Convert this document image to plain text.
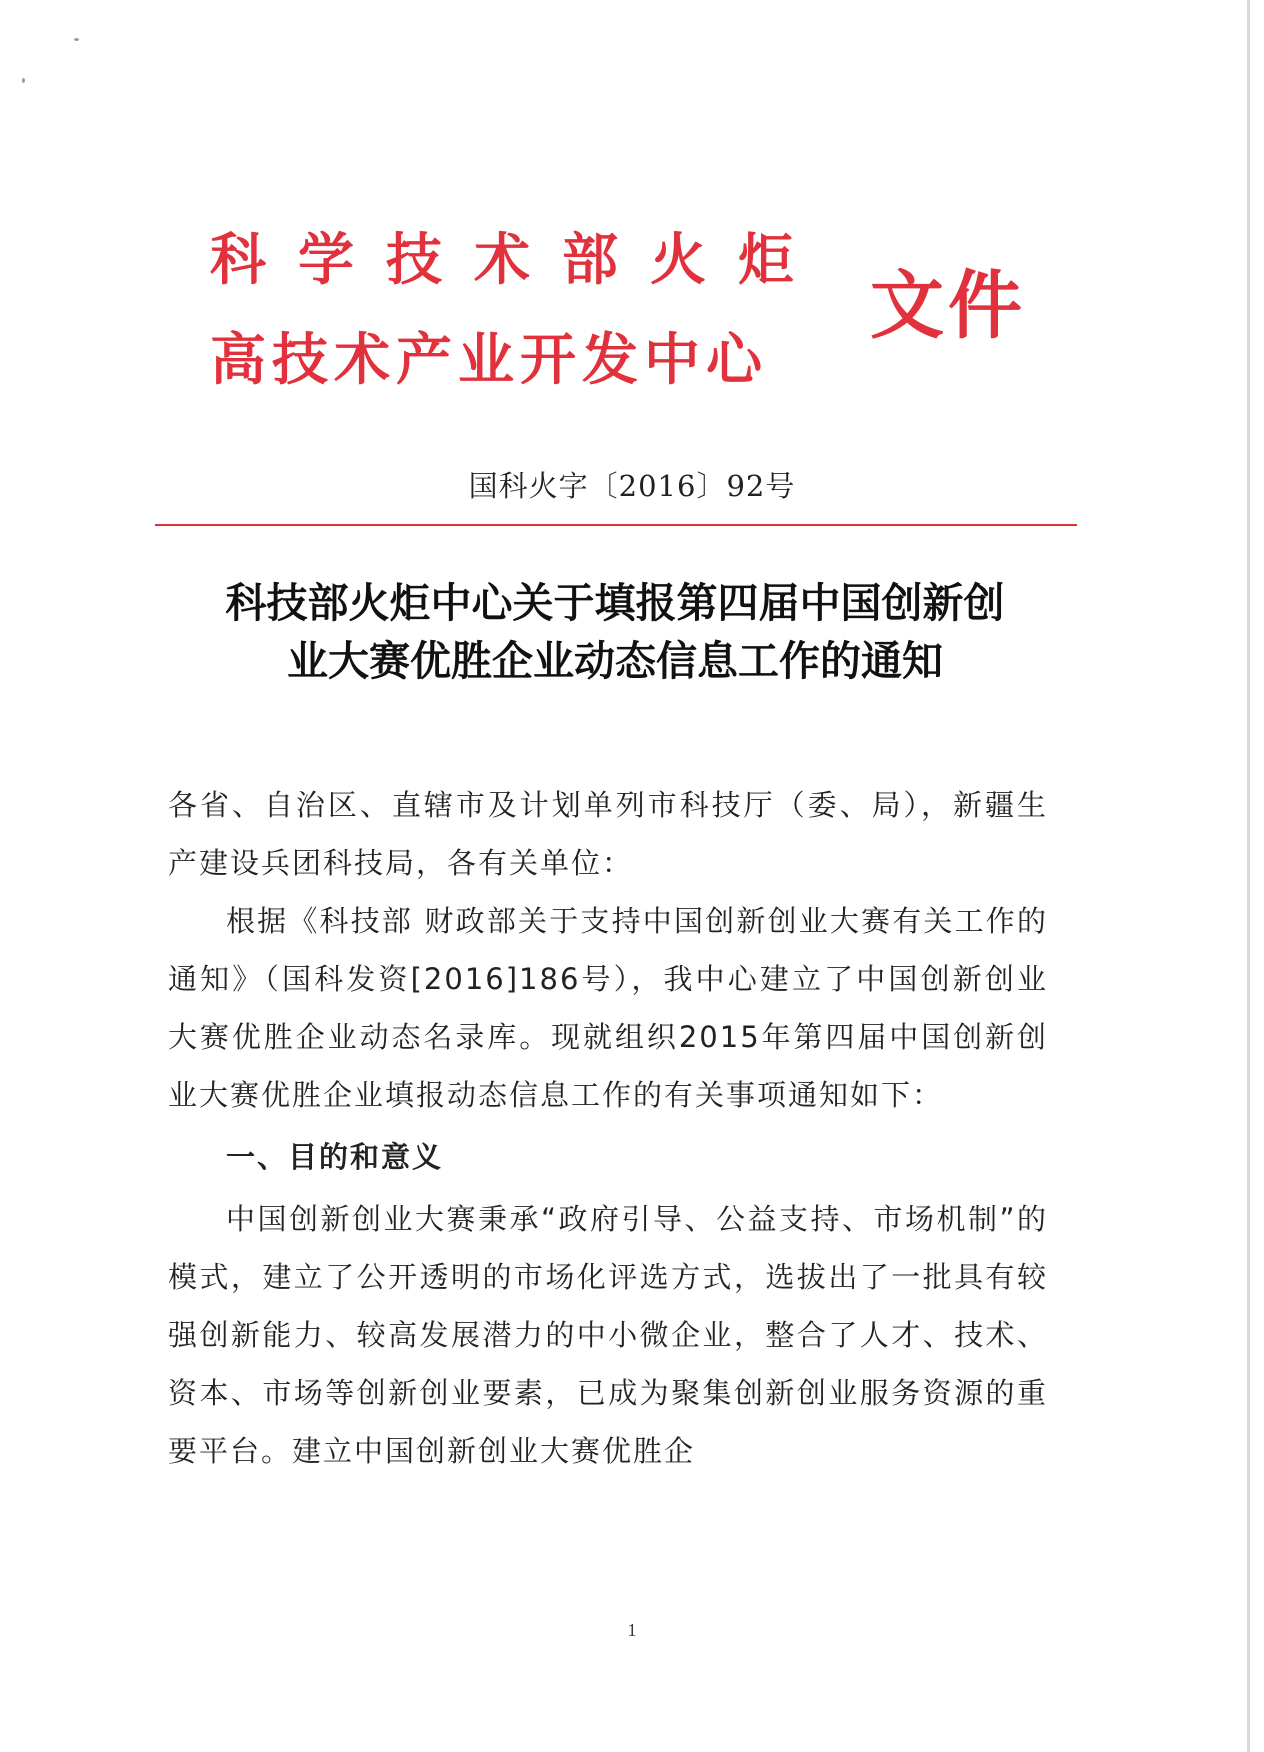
科学技术部火炬
高技术产业开发中心
文件
国科火字〔2016〕92号
科技部火炬中心关于填报第四届中国创新创
业大赛优胜企业动态信息工作的通知

各省、自治区、直辖市及计划单列市科技厅（委、局），新疆生产建设兵团科技局，各有关单位：

根据《科技部 财政部关于支持中国创新创业大赛有关工作的通知》（国科发资[2016]186号），我中心建立了中国创新创业大赛优胜企业动态名录库。现就组织2015年第四届中国创新创业大赛优胜企业填报动态信息工作的有关事项通知如下：

一、目的和意义

中国创新创业大赛秉承“政府引导、公益支持、市场机制”的模式，建立了公开透明的市场化评选方式，选拔出了一批具有较强创新能力、较高发展潜力的中小微企业，整合了人才、技术、资本、市场等创新创业要素，已成为聚集创新创业服务资源的重要平台。建立中国创新创业大赛优胜企

1
